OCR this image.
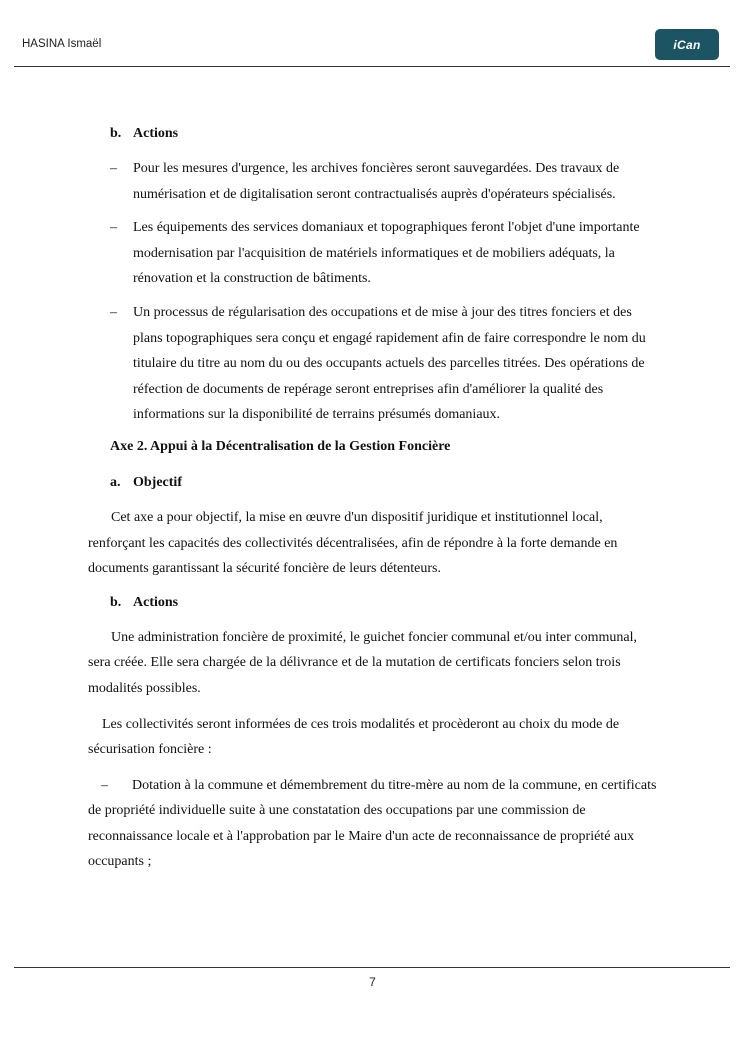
HASINA Ismaël	iCan

b. Actions

– Pour les mesures d'urgence, les archives foncières seront sauvegardées. Des travaux de numérisation et de digitalisation seront contractualisés auprès d'opérateurs spécialisés.

– Les équipements des services domaniaux et topographiques feront l'objet d'une importante modernisation par l'acquisition de matériels informatiques et de mobiliers adéquats, la rénovation et la construction de bâtiments.

– Un processus de régularisation des occupations et de mise à jour des titres fonciers et des plans topographiques sera conçu et engagé rapidement afin de faire correspondre le nom du titulaire du titre au nom du ou des occupants actuels des parcelles titrées. Des opérations de réfection de documents de repérage seront entreprises afin d'améliorer la qualité des informations sur la disponibilité de terrains présumés domaniaux.

Axe 2. Appui à la Décentralisation de la Gestion Foncière

a. Objectif

Cet axe a pour objectif, la mise en œuvre d'un dispositif juridique et institutionnel local, renforçant les capacités des collectivités décentralisées, afin de répondre à la forte demande en documents garantissant la sécurité foncière de leurs détenteurs.

b. Actions

Une administration foncière de proximité, le guichet foncier communal et/ou inter communal, sera créée. Elle sera chargée de la délivrance et de la mutation de certificats fonciers selon trois modalités possibles.

Les collectivités seront informées de ces trois modalités et procèderont au choix du mode de sécurisation foncière :

– Dotation à la commune et démembrement du titre-mère au nom de la commune, en certificats de propriété individuelle suite à une constatation des occupations par une commission de reconnaissance locale et à l'approbation par le Maire d'un acte de reconnaissance de propriété aux occupants ;

7
